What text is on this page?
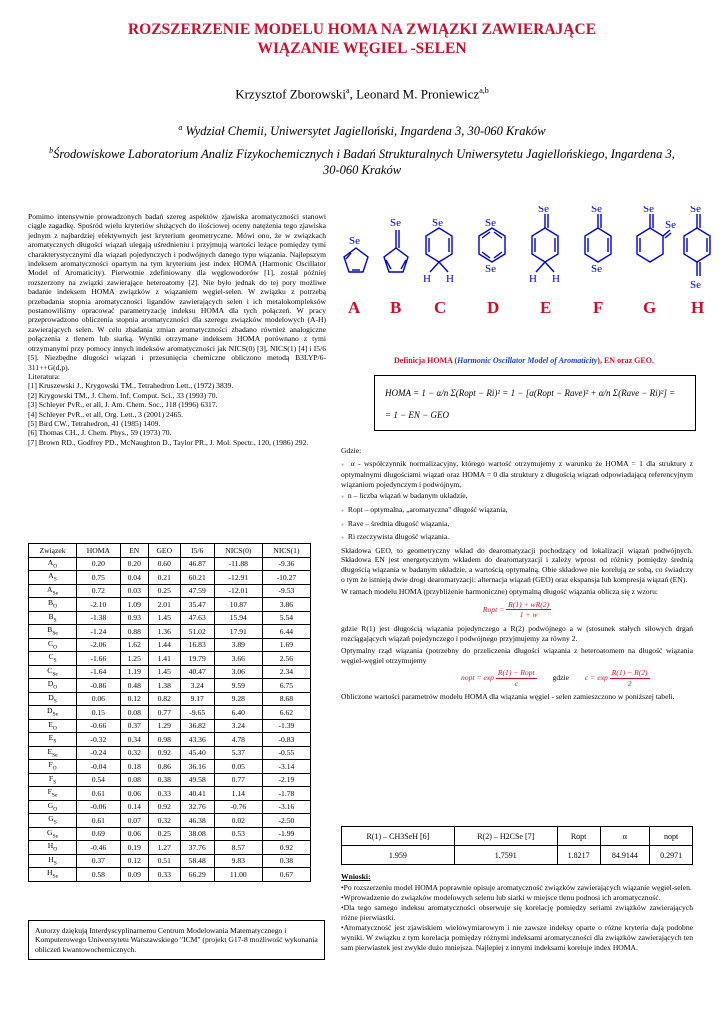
ROZSZERZENIE MODELU HOMA NA ZWIĄZKI ZAWIERAJĄCE
WIĄZANIE WĘGIEL -SELEN
Krzysztof Zborowski$^a$, Leonard M. Proniewicz$^{a,b}$
$^a$ Wydział Chemii, Uniwersytet Jagielloński, Ingardena 3, 30-060 Kraków
$^b$Środowiskowe Laboratorium Analiz Fizykochemicznych i Badań Strukturalnych Uniwersytetu Jagiellońskiego, Ingardena 3, 30-060 Kraków

Pomimo intensywnie prowadzonych badań szereg aspektów zjawiska aromatyczności stanowi ciągle zagadkę. Spośród wielu kryteriów służących do ilościowej oceny natężenia tego zjawiska jednym z najbardziej efektywnych jest kryterium geometryczne. Mówi ono, że w związkach aromatycznych długości wiązań ulegają uśrednieniu i przyjmują wartości leżące pomiędzy tymi charakterystycznymi dla wiązań pojedynczych i podwójnych danego typu wiązania. Najlepszym indeksem aromatyczności opartym na tym kryterium jest index HOMA (Harmonic Oscillator Model of Aromaticity). Pierwotnie zdefiniowany dla węglowodorów [1], został później rozszerzony na związki zawierające heteroatomy [2]. Nie było jednak do tej pory możliwe badanie indeksem HOMA związków z wiązaniem węgiel-selen. W związku z potrzebą przebadania stopnia aromatyczności ligandów zawierających selen i ich metalokompleksów postanowiliśmy opracować parametryzację indeksu HOMA dla tych połączeń. W pracy przeprowadzono obliczenia stopnia aromatyczności dla szeregu związków modelowych (A-H) zawierających selen. W celu zbadania zmian aromatyczności zbadano również analogiczne połączenia z tlenem lub siarką. Wyniki otrzymane indeksem HOMA porównano z tymi otrzymanymi przy pomocy innych indeksów aromatyczności jak NICS(0) [3], NICS(1) [4] i I5/6 [5]. Niezbędne długości wiązań i przesunięcia chemiczne obliczono metodą B3LYP/6-311++G(d,p).

Literatura:

[1] Kruszewski J., Krygowski TM., Tetrahedron Lett., (1972) 3839.
[2] Krygowski TM., J. Chem. Inf. Comput. Sci., 33 (1993) 70.
[3] Schleyer PvR., et all, J. Am. Chem. Soc., 118 (1996) 6317.
[4] Schleyer PvR., et all, Org. Lett., 3 (2001) 2465.
[5] Bird CW., Tetrahedron, 41 (1985) 1409.
[6] Thomas CH., J. Chem. Phys., 59 (1973) 70.
[7] Brown RD., Godfrey PD., McNaughton D., Taylor PR., J. Mol. Spectr., 120, (1986) 292.
Związek	HOMA	EN	GEO	I5/6	NICS(0)	NICS(1)
$A_O$	0.20	0.20	0.60	46.87	-11.88	-9.36
$A_S$	0.75	0.04	0.21	60.21	-12.91	-10.27
$A_{Se}$	0.72	0.03	0.25	47.59	-12.01	-9.53
$B_O$	-2.10	1.09	2.01	35.47	10.87	3.86
$B_S$	-1.38	0.93	1.45	47.63	15.94	5.54
$B_{Se}$	-1.24	0.88	1.36	51.02	17.91	6.44
$C_O$	-2.06	1.62	1.44	16.83	3.89	1.69
$C_S$	-1.66	1.25	1.41	19.79	3.66	2.56
$C_{Se}$	-1.64	1.19	1.45	40.47	3.06	2.34
$D_O$	-0.86	0.48	1.38	3.24	9.59	6.75
$D_S$	0.06	0.12	0.82	9.17	9.28	8.68
$D_{Se}$	0.15	0.08	0.77	-9.65	6.40	6.62
$E_O$	-0.66	0.37	1.29	36.82	3.24	-1.39
$E_S$	-0.32	0.34	0.98	43.36	4.78	-0.83
$E_{Se}$	-0.24	0.32	0.92	45.40	5.37	-0.55
$F_O$	-0.04	0.18	0.86	36.16	0.05	-3.14
$F_S$	0.54	0.08	0.38	49.58	0.77	-2.19
$F_{Se}$	0.61	0.06	0.33	40.41	1.14	-1.78
$G_O$	-0.06	0.14	0.92	32.76	-0.76	-3.16
$G_S$	0.61	0.07	0.32	46.38	0.02	-2.50
$G_{Se}$	0.69	0.06	0.25	38.08	0.53	-1.99
$H_O$	-0.46	0.19	1.27	37.76	8.57	0.92
$H_S$	0.37	0.12	0.51	58.48	9.83	0.38
$H_{Se}$	0.58	0.09	0.33	66.29	11.00	0.67
Autorzy dziękują Interdyscyplinarnemu Centrum Modelowania Matematycznego i Komputerowego Uniwersytetu Warszawskiego "ICM" (projekt G17-8 możliwość wykonania obliczeń kwantowochemicznych.
Se
Se	Se
H H
Se
Se
Se
H H
Se
Se
Se
Se
Se
Se
A B C D E F G H
Definicja HOMA (Harmonic Oscillator Model of Aromaticity), EN oraz GEO.
HOMA = 1 − α/n Σ(Ropt − Ri)² = 1 − [α(Ropt − Rave)² + α/n Σ(Rave − Ri)²] =
= 1 − EN − GEO

Gdzie:

● α - współczynnik normalizacyjny, którego wartość otrzymujemy z warunku że HOMA = 1 dla struktury z optymalnymi długościami wiązań oraz HOMA = 0 dla struktury z długością wiązań odpowiadającą referencyjnym wiązaniom pojedynczym i podwójnym,

● n – liczba wiązań w badanym układzie,

● Ropt – optymalna, „aromatyczna" długość wiązania,

● Rave – średnia długość wiązania,

● Ri rzeczywista długość wiązania.

Składowa GEO, to geometryczny wkład do dearomatyzacji pochodzący od lokalizacji wiązań podwójnych. Składowa EN jest energetycznym wkładem do dearomatyzacji i zależy wprost od różnicy pomiędzy średnią długością wiązania w badanym układzie, a wartością optymalną. Obie składowe nie korelują ze sobą, co świadczy o tym że istnieją dwie drogi dearomatyzacji: alternacja wiązań (GEO) oraz ekspansja lub kompresja wiązań (EN).

W ramach modelu HOMA (przybliżenie harmoniczne) optymalną długość wiązania oblicza się z wzoru:

Ropt = $\frac{R(1) + wR(2)}{1 + w}$

gdzie R(1) jest długością wiązania pojedynczego a R(2) podwójnego a w (stosunek stałych siłowych drgań rozciągających wiązań pojedynczego i podwójnego przyjmujemy za równy 2.

Optymalny rząd wiązania (potrzebny do przeliczenia długości wiązania z heteroatomem na długość wiązania węgiel-węgiel otrzymujemy

nopt = $\exp \frac{\text{R(1) − Ropt}}{c}$ gdzie $c = \exp \frac{R(1) - R(2)}{2}$

Obliczone wartości parametrów modelu HOMA dla wiązania węgiel - selen zamieszczono w poniższej tabeli.

R(1) – CH3SeH [6]	R(2) – H2CSe [7]	Ropt	α	nopt
1.959	1.7591	1.8217	84.9144	0.2971

Wnioski:

•Po rozszerzeniu model HOMA poprawnie opisuje aromatyczność związków zawierających wiązanie węgiel-selen.

•Wprowadzenie do związków modelowych selenu lub siarki w miejsce tlenu podnosi ich aromatyczność.

•Dla tego samego indeksu aromatyczności obserwuje się korelację pomiędzy seriami związków zawierających różne pierwiastki.

•Aromatyczność jest zjawiskiem wielowymiarowym i nie zawsze indeksy oparte o różne kryteria dają podobne wyniki. W związku z tym korelacja pomiędzy różnymi indeksami aromatyczności dla związków zawierających ten sam pierwiastek jest zwykle dużo mniejsza. Najlepiej z innymi indeksami koreluje index HOMA.
